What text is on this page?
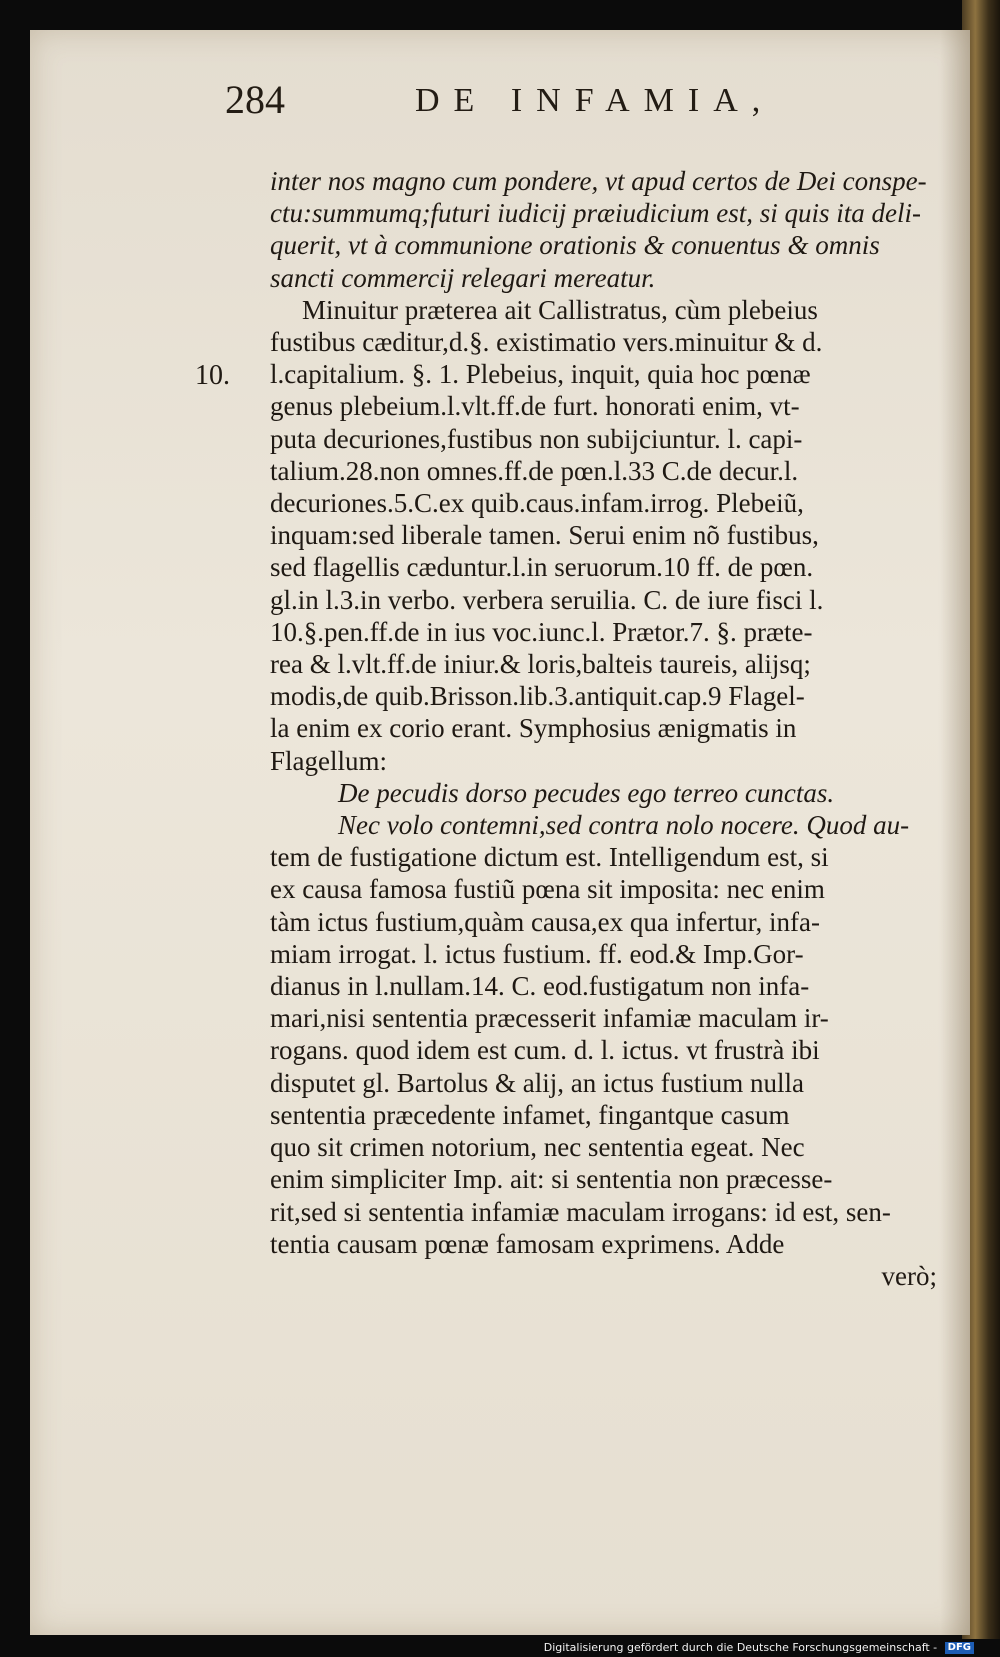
284	DE INFAMIA,
10.
inter nos magno cum pondere, vt apud certos de Dei conspe-
ctu:summumq;futuri iudicij præiudicium est, si quis ita deli-
querit, vt à communione orationis & conuentus & omnis
sancti commercij relegari mereatur.
Minuitur præterea ait Callistratus, cùm plebeius
fustibus cæditur,d.§. existimatio vers.minuitur & d.
l.capitalium. §. 1. Plebeius, inquit, quia hoc pœnæ
genus plebeium.l.vlt.ff.de furt. honorati enim, vt-
puta decuriones,fustibus non subijciuntur. l. capi-
talium.28.non omnes.ff.de pœn.l.33 C.de decur.l.
decuriones.5.C.ex quib.caus.infam.irrog. Plebeiũ,
inquam:sed liberale tamen. Serui enim nõ fustibus,
sed flagellis cæduntur.l.in seruorum.10 ff. de pœn.
gl.in l.3.in verbo. verbera seruilia. C. de iure fisci l.
10.§.pen.ff.de in ius voc.iunc.l. Prætor.7. §. præte-
rea & l.vlt.ff.de iniur.& loris,balteis taureis, alijsq;
modis,de quib.Brisson.lib.3.antiquit.cap.9 Flagel-
la enim ex corio erant. Symphosius ænigmatis in
Flagellum:
De pecudis dorso pecudes ego terreo cunctas.
Nec volo contemni,sed contra nolo nocere. Quod au-
tem de fustigatione dictum est. Intelligendum est, si
ex causa famosa fustiũ pœna sit imposita: nec enim
tàm ictus fustium,quàm causa,ex qua infertur, infa-
miam irrogat. l. ictus fustium. ff. eod.& Imp.Gor-
dianus in l.nullam.14. C. eod.fustigatum non infa-
mari,nisi sententia præcesserit infamiæ maculam ir-
rogans. quod idem est cum. d. l. ictus. vt frustrà ibi
disputet gl. Bartolus & alij, an ictus fustium nulla
sententia præcedente infamet, fingantque casum
quo sit crimen notorium, nec sententia egeat. Nec
enim simpliciter Imp. ait: si sententia non præcesse-
rit,sed si sententia infamiæ maculam irrogans: id est, sen-
tentia causam pœnæ famosam exprimens. Adde
verò;
Digitalisierung gefördert durch die Deutsche Forschungsgemeinschaft - DFG
